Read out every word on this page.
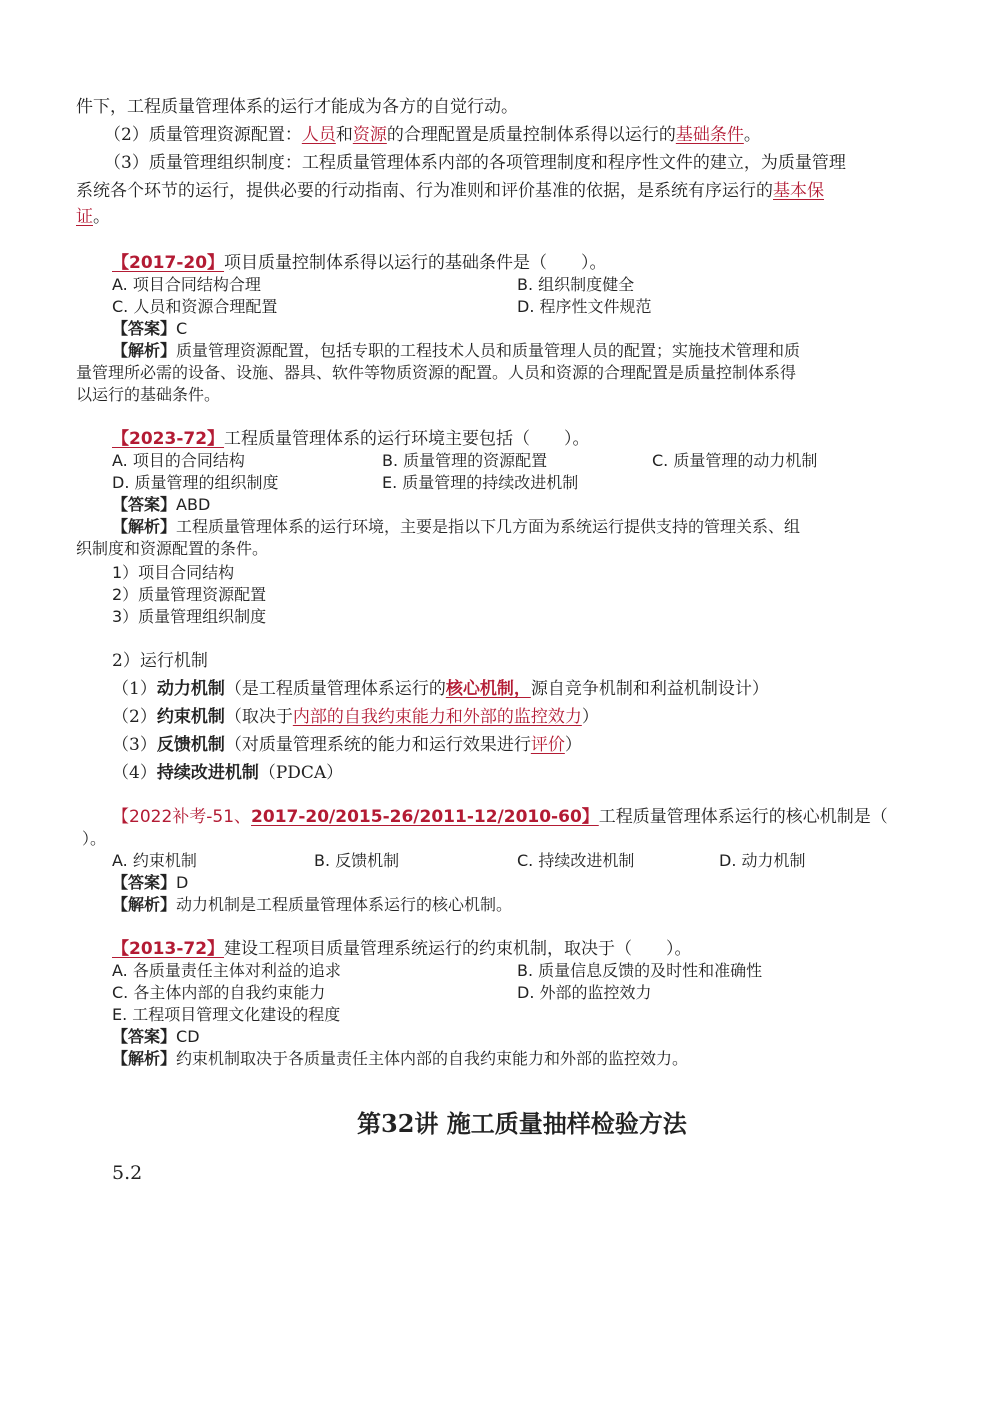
件下，工程质量管理体系的运行才能成为各方的自觉行动。
（2）质量管理资源配置：人员和资源的合理配置是质量控制体系得以运行的基础条件。
（3）质量管理组织制度：工程质量管理体系内部的各项管理制度和程序性文件的建立，为质量管理
系统各个环节的运行，提供必要的行动指南、行为准则和评价基准的依据，是系统有序运行的基本保
证。
【2017-20】项目质量控制体系得以运行的基础条件是（　　）。
A. 项目合同结构合理	B. 组织制度健全
C. 人员和资源合理配置	D. 程序性文件规范
【答案】C
【解析】质量管理资源配置，包括专职的工程技术人员和质量管理人员的配置；实施技术管理和质
量管理所必需的设备、设施、器具、软件等物质资源的配置。人员和资源的合理配置是质量控制体系得
以运行的基础条件。
【2023-72】工程质量管理体系的运行环境主要包括（　　）。
A. 项目的合同结构	B. 质量管理的资源配置	C. 质量管理的动力机制
D. 质量管理的组织制度	E. 质量管理的持续改进机制
【答案】ABD
【解析】工程质量管理体系的运行环境，主要是指以下几方面为系统运行提供支持的管理关系、组
织制度和资源配置的条件。
1）项目合同结构
2）质量管理资源配置
3）质量管理组织制度
2）运行机制
（1）动力机制（是工程质量管理体系运行的核心机制，源自竞争机制和利益机制设计）
（2）约束机制（取决于内部的自我约束能力和外部的监控效力）
（3）反馈机制（对质量管理系统的能力和运行效果进行评价）
（4）持续改进机制（PDCA）
【2022补考-51、2017-20/2015-26/2011-12/2010-60】工程质量管理体系运行的核心机制是（
）。
A. 约束机制	B. 反馈机制	C. 持续改进机制	D. 动力机制
【答案】D
【解析】动力机制是工程质量管理体系运行的核心机制。
【2013-72】建设工程项目质量管理系统运行的约束机制，取决于（　　）。
A. 各质量责任主体对利益的追求	B. 质量信息反馈的及时性和准确性
C. 各主体内部的自我约束能力	D. 外部的监控效力
E. 工程项目管理文化建设的程度
【答案】CD
【解析】约束机制取决于各质量责任主体内部的自我约束能力和外部的监控效力。
第32讲 施工质量抽样检验方法
5.2
